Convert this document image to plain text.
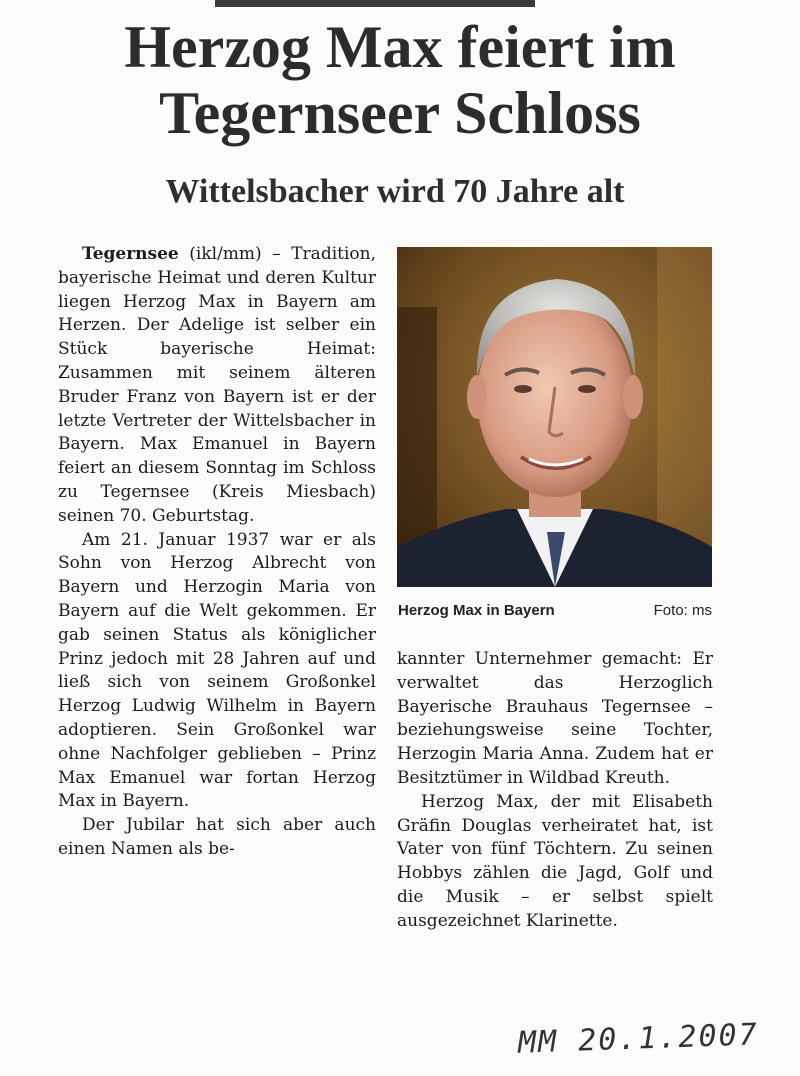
Herzog Max feiert im
Tegernseer Schloss
Wittelsbacher wird 70 Jahre alt

Tegernsee (ikl/mm) – Tradition, bayerische Heimat und deren Kultur liegen Herzog Max in Bayern am Herzen. Der Adelige ist selber ein Stück bayerische Heimat: Zusammen mit seinem älteren Bruder Franz von Bayern ist er der letzte Vertreter der Wittelsbacher in Bayern. Max Emanuel in Bayern feiert an diesem Sonntag im Schloss zu Tegernsee (Kreis Miesbach) seinen 70. Geburtstag.

Am 21. Januar 1937 war er als Sohn von Herzog Albrecht von Bayern und Herzogin Maria von Bayern auf die Welt gekommen. Er gab seinen Status als königlicher Prinz jedoch mit 28 Jahren auf und ließ sich von seinem Großonkel Herzog Ludwig Wilhelm in Bayern adoptieren. Sein Großonkel war ohne Nachfolger geblieben – Prinz Max Emanuel war fortan Herzog Max in Bayern.

Der Jubilar hat sich aber auch einen Namen als be-

Herzog Max in Bayern	Foto: ms

kannter Unternehmer gemacht: Er verwaltet das Herzoglich Bayerische Brauhaus Tegernsee – beziehungsweise seine Tochter, Herzogin Maria Anna. Zudem hat er Besitztümer in Wildbad Kreuth.

Herzog Max, der mit Elisabeth Gräfin Douglas verheiratet hat, ist Vater von fünf Töchtern. Zu seinen Hobbys zählen die Jagd, Golf und die Musik – er selbst spielt ausgezeichnet Klarinette.

MM 20.1.2007
